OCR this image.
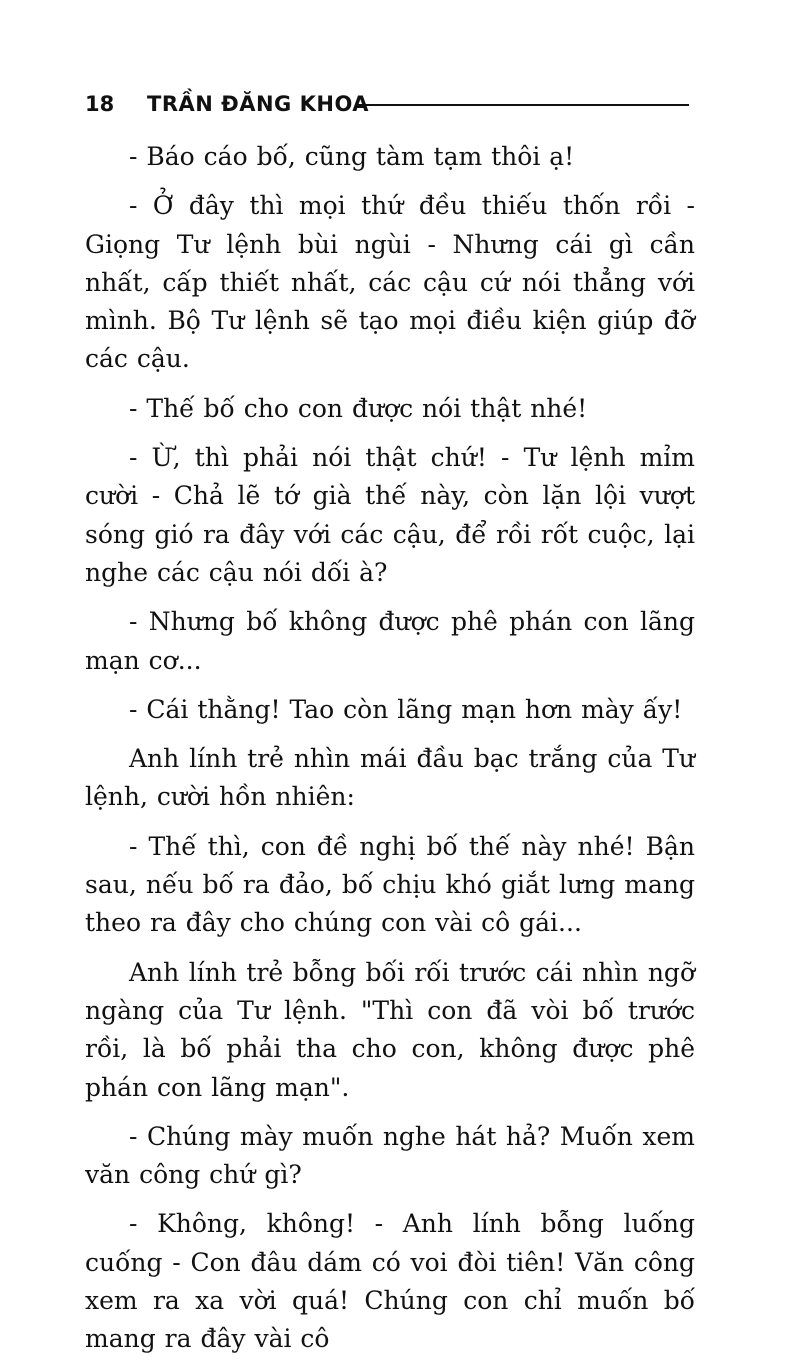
18 TRẦN ĐĂNG KHOA

- Báo cáo bố, cũng tàm tạm thôi ạ!

- Ở đây thì mọi thứ đều thiếu thốn rồi - Giọng Tư lệnh bùi ngùi - Nhưng cái gì cần nhất, cấp thiết nhất, các cậu cứ nói thẳng với mình. Bộ Tư lệnh sẽ tạo mọi điều kiện giúp đỡ các cậu.

- Thế bố cho con được nói thật nhé!

- Ừ, thì phải nói thật chứ! - Tư lệnh mỉm cười - Chả lẽ tớ già thế này, còn lặn lội vượt sóng gió ra đây với các cậu, để rồi rốt cuộc, lại nghe các cậu nói dối à?

- Nhưng bố không được phê phán con lãng mạn cơ...

- Cái thằng! Tao còn lãng mạn hơn mày ấy!

Anh lính trẻ nhìn mái đầu bạc trắng của Tư lệnh, cười hồn nhiên:

- Thế thì, con đề nghị bố thế này nhé! Bận sau, nếu bố ra đảo, bố chịu khó giắt lưng mang theo ra đây cho chúng con vài cô gái...

Anh lính trẻ bỗng bối rối trước cái nhìn ngỡ ngàng của Tư lệnh. "Thì con đã vòi bố trước rồi, là bố phải tha cho con, không được phê phán con lãng mạn".

- Chúng mày muốn nghe hát hả? Muốn xem văn công chứ gì?

- Không, không! - Anh lính bỗng luống cuống - Con đâu dám có voi đòi tiên! Văn công xem ra xa vời quá! Chúng con chỉ muốn bố mang ra đây vài cô
